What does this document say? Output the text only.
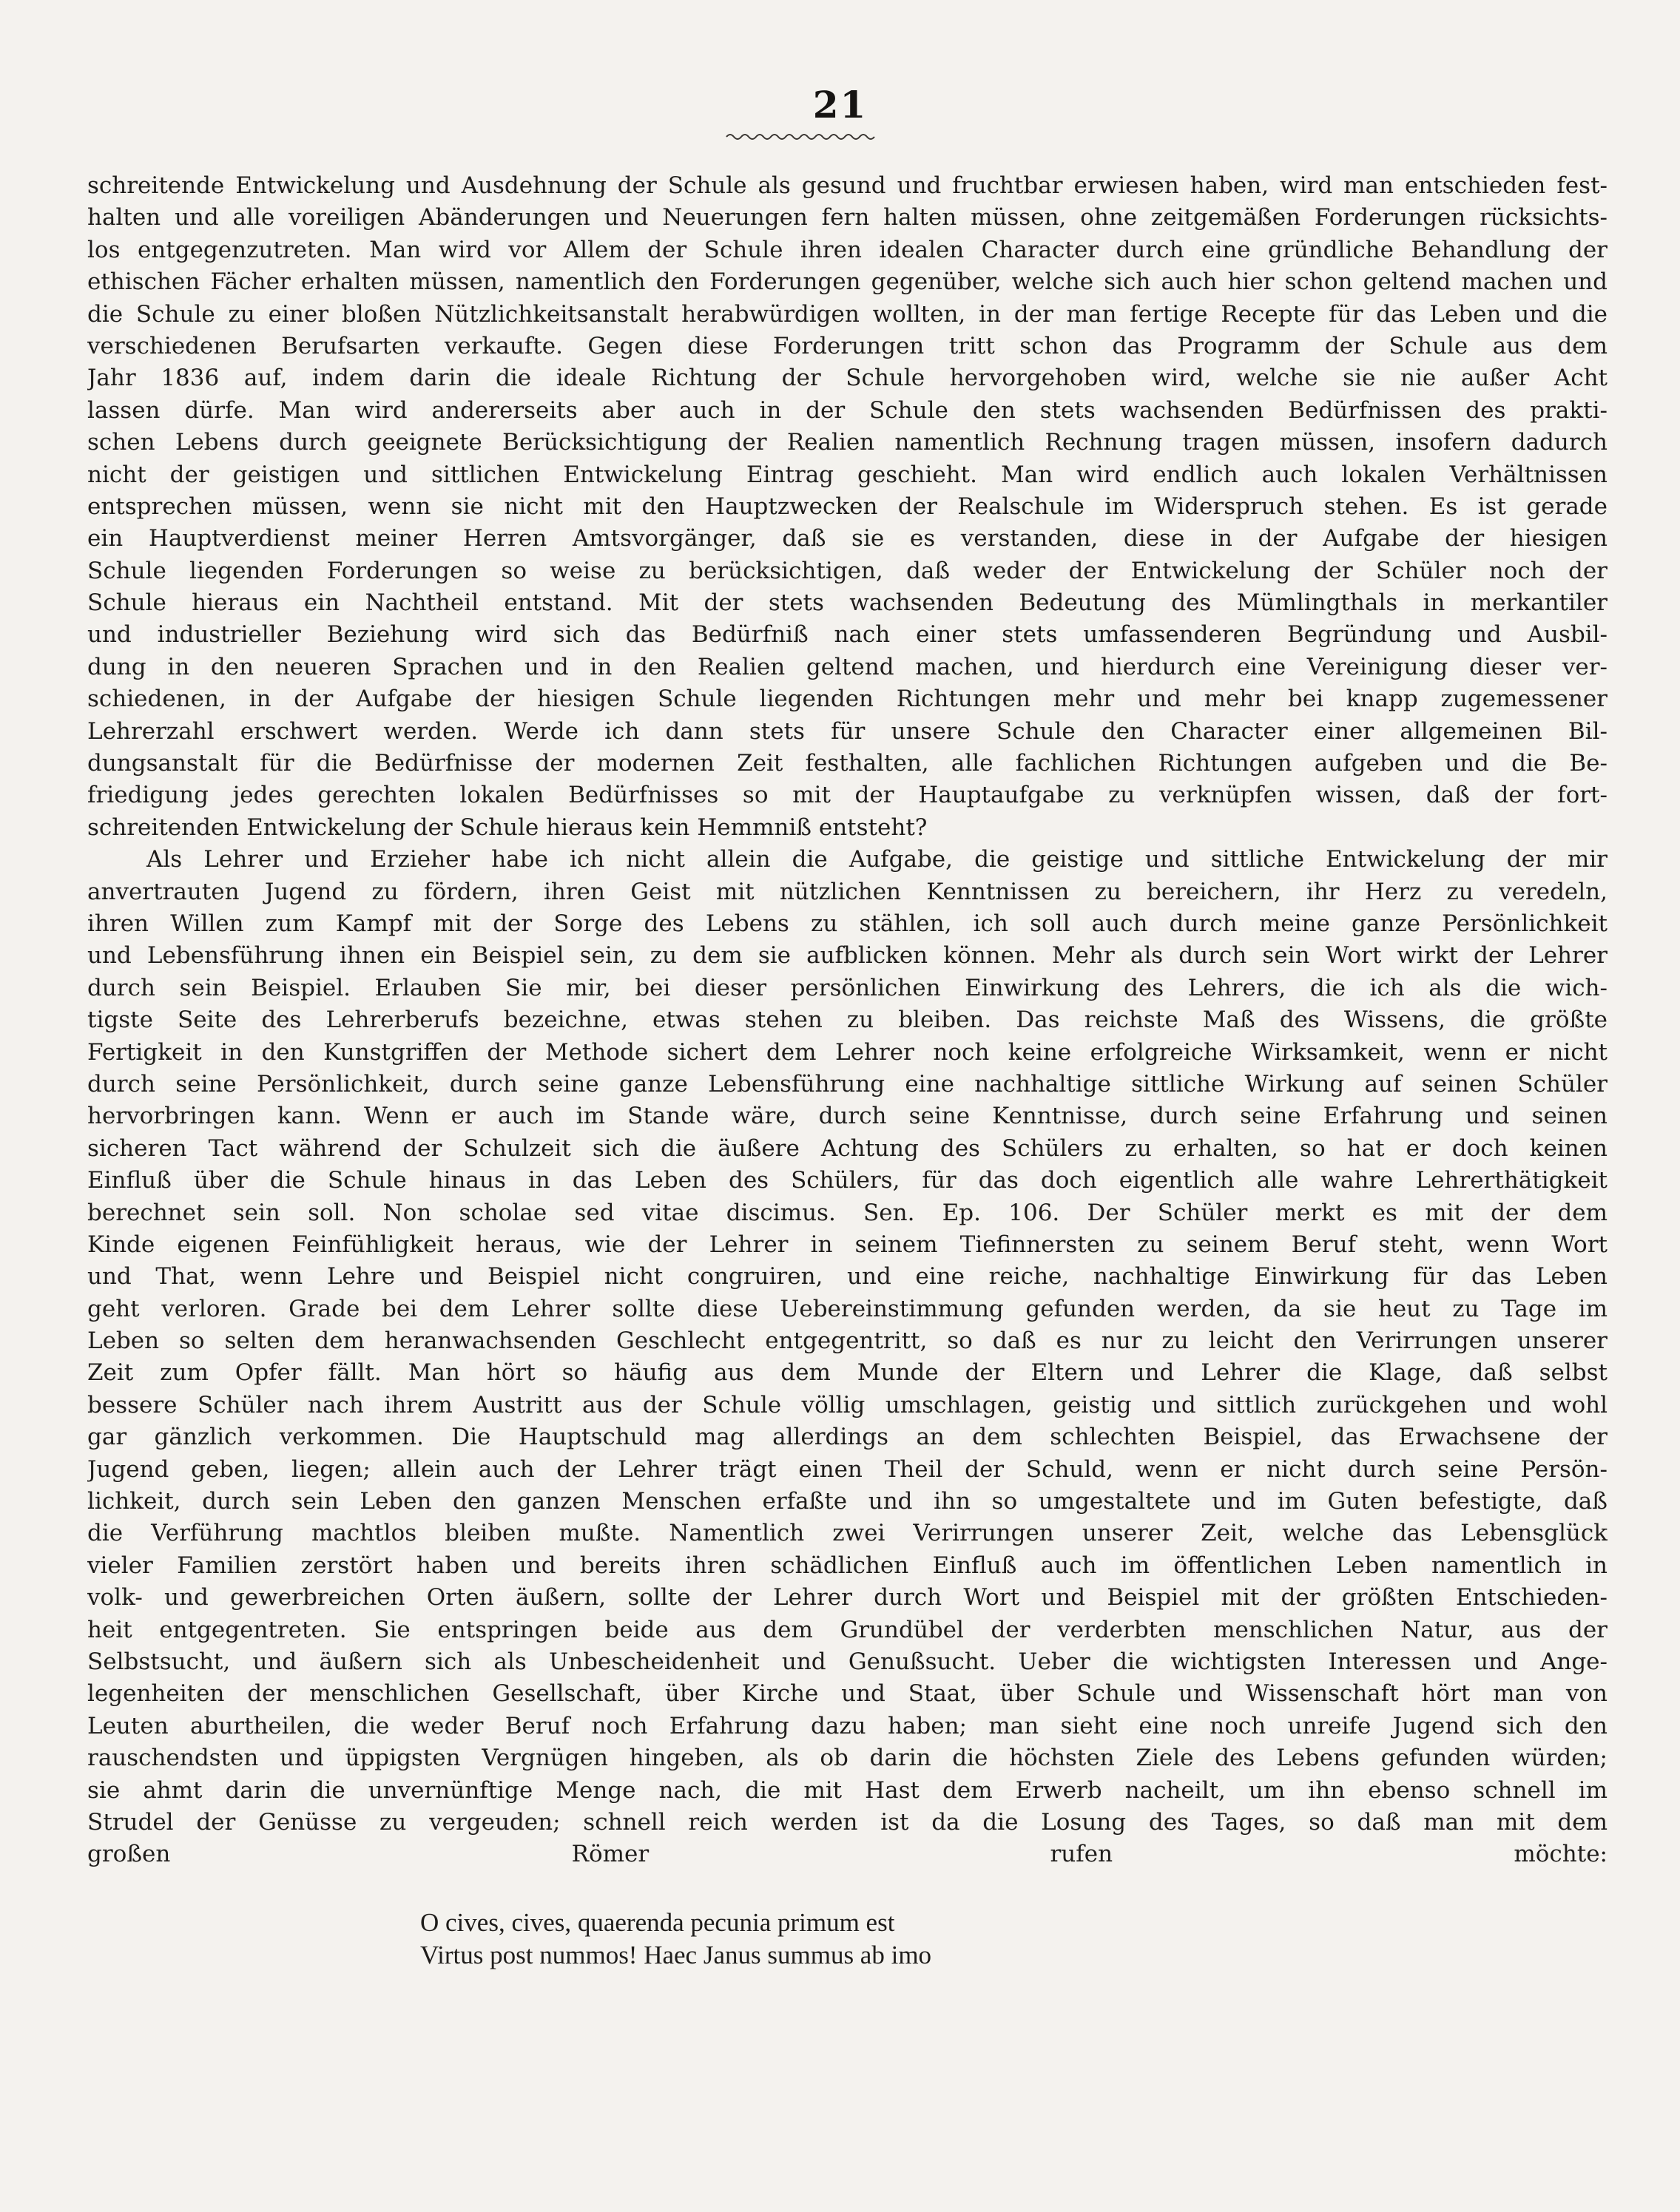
21
schreitende Entwickelung und Ausdehnung der Schule als gesund und fruchtbar erwiesen haben, wird man entschieden fest-
halten und alle voreiligen Abänderungen und Neuerungen fern halten müssen, ohne zeitgemäßen Forderungen rücksichts-
los entgegenzutreten. Man wird vor Allem der Schule ihren idealen Character durch eine gründliche Behandlung der
ethischen Fächer erhalten müssen, namentlich den Forderungen gegenüber, welche sich auch hier schon geltend machen und
die Schule zu einer bloßen Nützlichkeitsanstalt herabwürdigen wollten, in der man fertige Recepte für das Leben und die
verschiedenen Berufsarten verkaufte. Gegen diese Forderungen tritt schon das Programm der Schule aus dem
Jahr 1836 auf, indem darin die ideale Richtung der Schule hervorgehoben wird, welche sie nie außer Acht
lassen dürfe. Man wird andererseits aber auch in der Schule den stets wachsenden Bedürfnissen des prakti-
schen Lebens durch geeignete Berücksichtigung der Realien namentlich Rechnung tragen müssen, insofern dadurch
nicht der geistigen und sittlichen Entwickelung Eintrag geschieht. Man wird endlich auch lokalen Verhältnissen
entsprechen müssen, wenn sie nicht mit den Hauptzwecken der Realschule im Widerspruch stehen. Es ist gerade
ein Hauptverdienst meiner Herren Amtsvorgänger, daß sie es verstanden, diese in der Aufgabe der hiesigen
Schule liegenden Forderungen so weise zu berücksichtigen, daß weder der Entwickelung der Schüler noch der
Schule hieraus ein Nachtheil entstand. Mit der stets wachsenden Bedeutung des Mümlingthals in merkantiler
und industrieller Beziehung wird sich das Bedürfniß nach einer stets umfassenderen Begründung und Ausbil-
dung in den neueren Sprachen und in den Realien geltend machen, und hierdurch eine Vereinigung dieser ver-
schiedenen, in der Aufgabe der hiesigen Schule liegenden Richtungen mehr und mehr bei knapp zugemessener
Lehrerzahl erschwert werden. Werde ich dann stets für unsere Schule den Character einer allgemeinen Bil-
dungsanstalt für die Bedürfnisse der modernen Zeit festhalten, alle fachlichen Richtungen aufgeben und die Be-
friedigung jedes gerechten lokalen Bedürfnisses so mit der Hauptaufgabe zu verknüpfen wissen, daß der fort-
schreitenden Entwickelung der Schule hieraus kein Hemmniß entsteht?
Als Lehrer und Erzieher habe ich nicht allein die Aufgabe, die geistige und sittliche Entwickelung der mir
anvertrauten Jugend zu fördern, ihren Geist mit nützlichen Kenntnissen zu bereichern, ihr Herz zu veredeln,
ihren Willen zum Kampf mit der Sorge des Lebens zu stählen, ich soll auch durch meine ganze Persönlichkeit
und Lebensführung ihnen ein Beispiel sein, zu dem sie aufblicken können. Mehr als durch sein Wort wirkt der Lehrer
durch sein Beispiel. Erlauben Sie mir, bei dieser persönlichen Einwirkung des Lehrers, die ich als die wich-
tigste Seite des Lehrerberufs bezeichne, etwas stehen zu bleiben. Das reichste Maß des Wissens, die größte
Fertigkeit in den Kunstgriffen der Methode sichert dem Lehrer noch keine erfolgreiche Wirksamkeit, wenn er nicht
durch seine Persönlichkeit, durch seine ganze Lebensführung eine nachhaltige sittliche Wirkung auf seinen Schüler
hervorbringen kann. Wenn er auch im Stande wäre, durch seine Kenntnisse, durch seine Erfahrung und seinen
sicheren Tact während der Schulzeit sich die äußere Achtung des Schülers zu erhalten, so hat er doch keinen
Einfluß über die Schule hinaus in das Leben des Schülers, für das doch eigentlich alle wahre Lehrerthätigkeit
berechnet sein soll. Non scholae sed vitae discimus. Sen. Ep. 106. Der Schüler merkt es mit der dem
Kinde eigenen Feinfühligkeit heraus, wie der Lehrer in seinem Tiefinnersten zu seinem Beruf steht, wenn Wort
und That, wenn Lehre und Beispiel nicht congruiren, und eine reiche, nachhaltige Einwirkung für das Leben
geht verloren. Grade bei dem Lehrer sollte diese Uebereinstimmung gefunden werden, da sie heut zu Tage im
Leben so selten dem heranwachsenden Geschlecht entgegentritt, so daß es nur zu leicht den Verirrungen unserer
Zeit zum Opfer fällt. Man hört so häufig aus dem Munde der Eltern und Lehrer die Klage, daß selbst
bessere Schüler nach ihrem Austritt aus der Schule völlig umschlagen, geistig und sittlich zurückgehen und wohl
gar gänzlich verkommen. Die Hauptschuld mag allerdings an dem schlechten Beispiel, das Erwachsene der
Jugend geben, liegen; allein auch der Lehrer trägt einen Theil der Schuld, wenn er nicht durch seine Persön-
lichkeit, durch sein Leben den ganzen Menschen erfaßte und ihn so umgestaltete und im Guten befestigte, daß
die Verführung machtlos bleiben mußte. Namentlich zwei Verirrungen unserer Zeit, welche das Lebensglück
vieler Familien zerstört haben und bereits ihren schädlichen Einfluß auch im öffentlichen Leben namentlich in
volk- und gewerbreichen Orten äußern, sollte der Lehrer durch Wort und Beispiel mit der größten Entschieden-
heit entgegentreten. Sie entspringen beide aus dem Grundübel der verderbten menschlichen Natur, aus der
Selbstsucht, und äußern sich als Unbescheidenheit und Genußsucht. Ueber die wichtigsten Interessen und Ange-
legenheiten der menschlichen Gesellschaft, über Kirche und Staat, über Schule und Wissenschaft hört man von
Leuten aburtheilen, die weder Beruf noch Erfahrung dazu haben; man sieht eine noch unreife Jugend sich den
rauschendsten und üppigsten Vergnügen hingeben, als ob darin die höchsten Ziele des Lebens gefunden würden;
sie ahmt darin die unvernünftige Menge nach, die mit Hast dem Erwerb nacheilt, um ihn ebenso schnell im
Strudel der Genüsse zu vergeuden; schnell reich werden ist da die Losung des Tages, so daß man mit dem
großen Römer rufen möchte:
O cives, cives, quaerenda pecunia primum est
Virtus post nummos! Haec Janus summus ab imo
